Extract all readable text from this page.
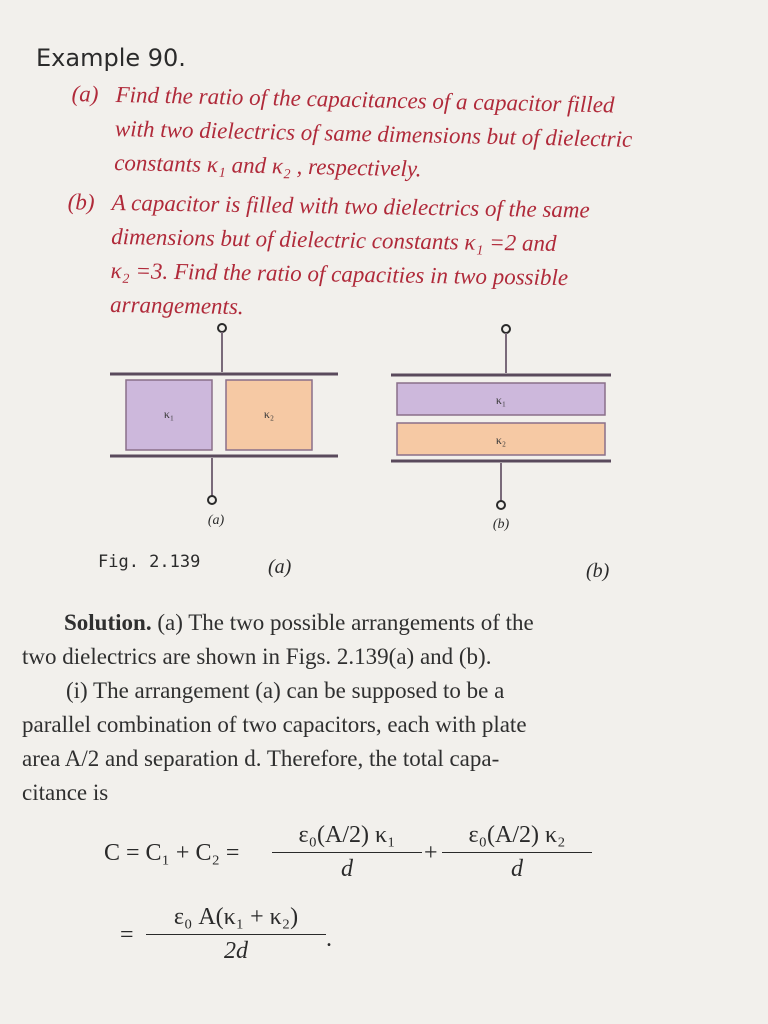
Example 90.
(a) Find the ratio of the capacitances of a capacitor filled
with two dielectrics of same dimensions but of dielectric
constants κ₁ and κ₂ , respectively.
(b) A capacitor is filled with two dielectrics of the same
dimensions but of dielectric constants κ₁ =2 and
κ₂ =3. Find the ratio of capacities in two possible
arrangements.
κ₁	κ₂
(a)
κ₁
κ₂
(b)
Fig. 2.139	(a)	(b)
Solution. (a) The two possible arrangements of the
two dielectrics are shown in Figs. 2.139(a) and (b).
(i) The arrangement (a) can be supposed to be a
parallel combination of two capacitors, each with plate
area A/2 and separation d. Therefore, the total capa-
citance is
C = C₁ + C₂ =
ε₀(A/2) κ₁
d
+
ε₀(A/2) κ₂
d
=
ε₀ A(κ₁ + κ₂)
2d	.
